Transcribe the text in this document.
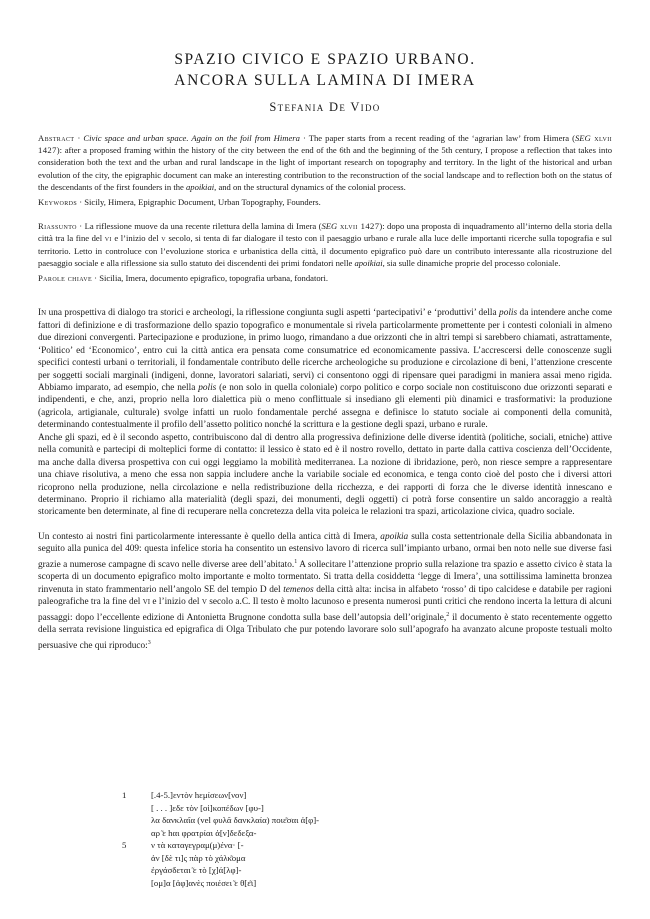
SPAZIO CIVICO E SPAZIO URBANO.
ANCORA SULLA LAMINA DI IMERA
Stefania De Vido
Abstract · Civic space and urban space. Again on the foil from Himera · The paper starts from a recent reading of the ‘agrarian law’ from Himera (SEG xlvii 1427): after a proposed framing within the history of the city between the end of the 6th and the beginning of the 5th century, I propose a reflection that takes into consideration both the text and the urban and rural landscape in the light of important research on topography and territory. In the light of the historical and urban evolution of the city, the epigraphic document can make an interesting contribution to the reconstruction of the social landscape and to reflection both on the status of the descendants of the first founders in the apoikiai, and on the structural dynamics of the colonial process.
Keywords · Sicily, Himera, Epigraphic Document, Urban Topography, Founders.
Riassunto · La riflessione muove da una recente rilettura della lamina di Imera (SEG xlvii 1427): dopo una proposta di inquadramento all’interno della storia della città tra la fine del vi e l’inizio del v secolo, si tenta di far dialogare il testo con il paesaggio urbano e rurale alla luce delle importanti ricerche sulla topografia e sul territorio. Letto in controluce con l’evoluzione storica e urbanistica della città, il documento epigrafico può dare un contributo interessante alla ricostruzione del paesaggio sociale e alla riflessione sia sullo statuto dei discendenti dei primi fondatori nelle apoikiai, sia sulle dinamiche proprie del processo coloniale.
Parole chiave · Sicilia, Imera, documento epigrafico, topografia urbana, fondatori.
In una prospettiva di dialogo tra storici e archeologi, la riflessione congiunta sugli aspetti ‘partecipativi’ e ‘produttivi’ della polis da intendere anche come fattori di definizione e di trasformazione dello spazio topografico e monumentale si rivela particolarmente promettente per i contesti coloniali in almeno due direzioni convergenti. Partecipazione e produzione, in primo luogo, rimandano a due orizzonti che in altri tempi si sarebbero chiamati, astrattamente, ‘Politico’ ed ‘Economico’, entro cui la città antica era pensata come consumatrice ed economicamente passiva. L’accrescersi delle conoscenze sugli specifici contesti urbani o territoriali, il fondamentale contributo delle ricerche archeologiche su produzione e circolazione di beni, l’attenzione crescente per soggetti sociali marginali (indigeni, donne, lavoratori salariati, servi) ci consentono oggi di ripensare quei paradigmi in maniera assai meno rigida. Abbiamo imparato, ad esempio, che nella polis (e non solo in quella coloniale) corpo politico e corpo sociale non costituiscono due orizzonti separati e indipendenti, e che, anzi, proprio nella loro dialettica più o meno conflittuale si insediano gli elementi più dinamici e trasformativi: la produzione (agricola, artigianale, culturale) svolge infatti un ruolo fondamentale perché assegna e definisce lo statuto sociale ai componenti della comunità, determinando contestualmente il profilo dell’assetto politico nonché la scrittura e la gestione degli spazi, urbano e rurale.
Anche gli spazi, ed è il secondo aspetto, contribuiscono dal di dentro alla progressiva definizione delle diverse identità (politiche, sociali, etniche) attive nella comunità e partecipi di molteplici forme di contatto: il lessico è stato ed è il nostro rovello, dettato in parte dalla cattiva coscienza dell’Occidente, ma anche dalla diversa prospettiva con cui oggi leggiamo la mobilità mediterranea. La nozione di ibridazione, però, non riesce sempre a rappresentare una chiave risolutiva, a meno che essa non sappia includere anche la variabile sociale ed economica, e tenga conto cioè del posto che i diversi attori ricoprono nella produzione, nella circolazione e nella redistribuzione della ricchezza, e dei rapporti di forza che le diverse identità innescano e determinano. Proprio il richiamo alla materialità (degli spazi, dei monumenti, degli oggetti) ci potrà forse consentire un saldo ancoraggio a realtà storicamente ben determinate, al fine di recuperare nella concretezza della vita poleica le relazioni tra spazi, articolazione civica, quadro sociale.
Un contesto ai nostri fini particolarmente interessante è quello della antica città di Imera, apoikia sulla costa settentrionale della Sicilia abbandonata in seguito alla punica del 409: questa infelice storia ha consentito un estensivo lavoro di ricerca sull’impianto urbano, ormai ben noto nelle sue diverse fasi grazie a numerose campagne di scavo nelle diverse aree dell’abitato.$^1$ A sollecitare l’attenzione proprio sulla relazione tra spazio e assetto civico è stata la scoperta di un documento epigrafico molto importante e molto tormentato. Si tratta della cosiddetta ‘legge di Imera’, una sottilissima laminetta bronzea rinvenuta in stato frammentario nell’angolo SE del tempio D del temenos della città alta: incisa in alfabeto ‘rosso’ di tipo calcidese e databile per ragioni paleografiche tra la fine del vi e l’inizio del v secolo a.C. Il testo è molto lacunoso e presenta numerosi punti critici che rendono incerta la lettura di alcuni passaggi: dopo l’eccellente edizione di Antonietta Brugnone condotta sulla base dell’autopsia dell’originale,$^2$ il documento è stato recentemente oggetto della serrata revisione linguistica ed epigrafica di Olga Tribulato che pur potendo lavorare solo sull’apografo ha avanzato alcune proposte testuali molto persuasive che qui riproduco:$^3$
1	[.4-5.]εντὸν hεμίσεων[νον]
[ . . . ]εδε τὸν [οἰ]κοπέδων [φυ-]
λα δανκλαῖα (vel φυλᾶ δανκλαία) ποιε͂σαι ἀ[φ]-
αρ ͂ε hαι φρατρίαι ἀ[ν]δεδεξα-
5	ν τὰ καταγεγραμ(μ)ένα· [-
ἀν [δὲ τι]ς πὰρ τὸ χάλκ͂ομα
ἐργάσδεται ͂ε τὸ [χ]ά[λφ]-
[ομ]α [ἀφ]ανὲς ποιέσει ͂ε θ[ε͂ι]
